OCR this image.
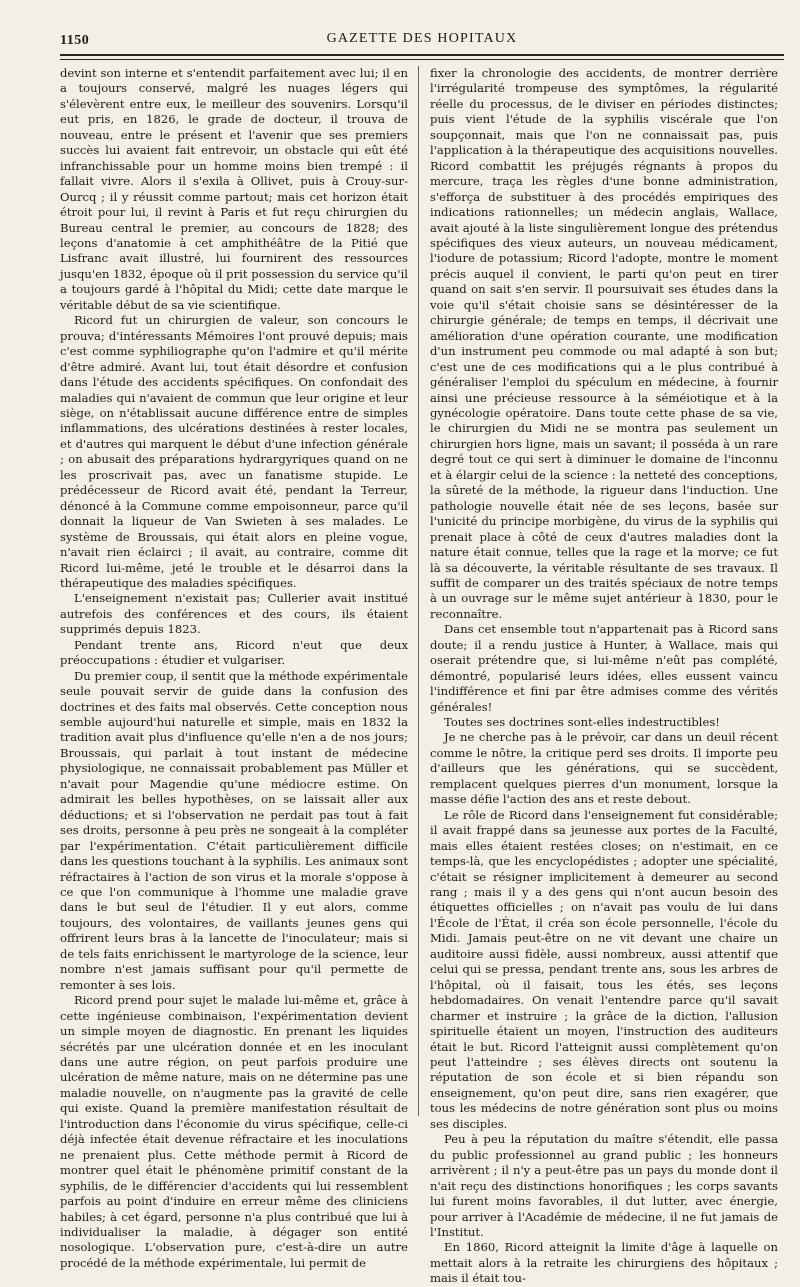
1150	GAZETTE DES HOPITAUX

devint son interne et s'entendit parfaitement avec lui; il en a toujours conservé, malgré les nuages légers qui s'élevèrent entre eux, le meilleur des souvenirs. Lorsqu'il eut pris, en 1826, le grade de docteur, il trouva de nouveau, entre le présent et l'avenir que ses premiers succès lui avaient fait entrevoir, un obstacle qui eût été infranchissable pour un homme moins bien trempé : il fallait vivre. Alors il s'exila à Ollivet, puis à Crouy-sur-Ourcq ; il y réussit comme partout; mais cet horizon était étroit pour lui, il revint à Paris et fut reçu chirurgien du Bureau central le premier, au concours de 1828; des leçons d'anatomie à cet amphithéâtre de la Pitié que Lisfranc avait illustré, lui fournirent des ressources jusqu'en 1832, époque où il prit possession du service qu'il a toujours gardé à l'hôpital du Midi; cette date marque le véritable début de sa vie scientifique.

Ricord fut un chirurgien de valeur, son concours le prouva; d'intéressants Mémoires l'ont prouvé depuis; mais c'est comme syphiliographe qu'on l'admire et qu'il mérite d'être admiré. Avant lui, tout était désordre et confusion dans l'étude des accidents spécifiques. On confondait des maladies qui n'avaient de commun que leur origine et leur siège, on n'établissait aucune différence entre de simples inflammations, des ulcérations destinées à rester locales, et d'autres qui marquent le début d'une infection générale ; on abusait des préparations hydrargyriques quand on ne les proscrivait pas, avec un fanatisme stupide. Le prédécesseur de Ricord avait été, pendant la Terreur, dénoncé à la Commune comme empoisonneur, parce qu'il donnait la liqueur de Van Swieten à ses malades. Le système de Broussais, qui était alors en pleine vogue, n'avait rien éclairci ; il avait, au contraire, comme dit Ricord lui-même, jeté le trouble et le désarroi dans la thérapeutique des maladies spécifiques.

L'enseignement n'existait pas; Cullerier avait institué autrefois des conférences et des cours, ils étaient supprimés depuis 1823.

Pendant trente ans, Ricord n'eut que deux préoccupations : étudier et vulgariser.

Du premier coup, il sentit que la méthode expérimentale seule pouvait servir de guide dans la confusion des doctrines et des faits mal observés. Cette conception nous semble aujourd'hui naturelle et simple, mais en 1832 la tradition avait plus d'influence qu'elle n'en a de nos jours; Broussais, qui parlait à tout instant de médecine physiologique, ne connaissait probablement pas Müller et n'avait pour Magendie qu'une médiocre estime. On admirait les belles hypothèses, on se laissait aller aux déductions; et si l'observation ne perdait pas tout à fait ses droits, personne à peu près ne songeait à la compléter par l'expérimentation. C'était particulièrement difficile dans les questions touchant à la syphilis. Les animaux sont réfractaires à l'action de son virus et la morale s'oppose à ce que l'on communique à l'homme une maladie grave dans le but seul de l'étudier. Il y eut alors, comme toujours, des volontaires, de vaillants jeunes gens qui offrirent leurs bras à la lancette de l'inoculateur; mais si de tels faits enrichissent le martyrologe de la science, leur nombre n'est jamais suffisant pour qu'il permette de remonter à ses lois.

Ricord prend pour sujet le malade lui-même et, grâce à cette ingénieuse combinaison, l'expérimentation devient un simple moyen de diagnostic. En prenant les liquides sécrétés par une ulcération donnée et en les inoculant dans une autre région, on peut parfois produire une ulcération de même nature, mais on ne détermine pas une maladie nouvelle, on n'augmente pas la gravité de celle qui existe. Quand la première manifestation résultait de l'introduction dans l'économie du virus spécifique, celle-ci déjà infectée était devenue réfractaire et les inoculations ne prenaient plus. Cette méthode permit à Ricord de montrer quel était le phénomène primitif constant de la syphilis, de le différencier d'accidents qui lui ressemblent parfois au point d'induire en erreur même des cliniciens habiles; à cet égard, personne n'a plus contribué que lui à individualiser la maladie, à dégager son entité nosologique. L'observation pure, c'est-à-dire un autre procédé de la méthode expérimentale, lui permit de

fixer la chronologie des accidents, de montrer derrière l'irrégularité trompeuse des symptômes, la régularité réelle du processus, de le diviser en périodes distinctes; puis vient l'étude de la syphilis viscérale que l'on soupçonnait, mais que l'on ne connaissait pas, puis l'application à la thérapeutique des acquisitions nouvelles. Ricord combattit les préjugés régnants à propos du mercure, traça les règles d'une bonne administration, s'efforça de substituer à des procédés empiriques des indications rationnelles; un médecin anglais, Wallace, avait ajouté à la liste singulièrement longue des prétendus spécifiques des vieux auteurs, un nouveau médicament, l'iodure de potassium; Ricord l'adopte, montre le moment précis auquel il convient, le parti qu'on peut en tirer quand on sait s'en servir. Il poursuivait ses études dans la voie qu'il s'était choisie sans se désintéresser de la chirurgie générale; de temps en temps, il décrivait une amélioration d'une opération courante, une modification d'un instrument peu commode ou mal adapté à son but; c'est une de ces modifications qui a le plus contribué à généraliser l'emploi du spéculum en médecine, à fournir ainsi une précieuse ressource à la séméiotique et à la gynécologie opératoire. Dans toute cette phase de sa vie, le chirurgien du Midi ne se montra pas seulement un chirurgien hors ligne, mais un savant; il posséda à un rare degré tout ce qui sert à diminuer le domaine de l'inconnu et à élargir celui de la science : la netteté des conceptions, la sûreté de la méthode, la rigueur dans l'induction. Une pathologie nouvelle était née de ses leçons, basée sur l'unicité du principe morbigène, du virus de la syphilis qui prenait place à côté de ceux d'autres maladies dont la nature était connue, telles que la rage et la morve; ce fut là sa découverte, la véritable résultante de ses travaux. Il suffit de comparer un des traités spéciaux de notre temps à un ouvrage sur le même sujet antérieur à 1830, pour le reconnaître.

Dans cet ensemble tout n'appartenait pas à Ricord sans doute; il a rendu justice à Hunter, à Wallace, mais qui oserait prétendre que, si lui-même n'eût pas complété, démontré, popularisé leurs idées, elles eussent vaincu l'indifférence et fini par être admises comme des vérités générales!

Toutes ses doctrines sont-elles indestructibles!

Je ne cherche pas à le prévoir, car dans un deuil récent comme le nôtre, la critique perd ses droits. Il importe peu d'ailleurs que les générations, qui se succèdent, remplacent quelques pierres d'un monument, lorsque la masse défie l'action des ans et reste debout.

Le rôle de Ricord dans l'enseignement fut considérable; il avait frappé dans sa jeunesse aux portes de la Faculté, mais elles étaient restées closes; on n'estimait, en ce temps-là, que les encyclopédistes ; adopter une spécialité, c'était se résigner implicitement à demeurer au second rang ; mais il y a des gens qui n'ont aucun besoin des étiquettes officielles ; on n'avait pas voulu de lui dans l'École de l'État, il créa son école personnelle, l'école du Midi. Jamais peut-être on ne vit devant une chaire un auditoire aussi fidèle, aussi nombreux, aussi attentif que celui qui se pressa, pendant trente ans, sous les arbres de l'hôpital, où il faisait, tous les étés, ses leçons hebdomadaires. On venait l'entendre parce qu'il savait charmer et instruire ; la grâce de la diction, l'allusion spirituelle étaient un moyen, l'instruction des auditeurs était le but. Ricord l'atteignit aussi complètement qu'on peut l'atteindre ; ses élèves directs ont soutenu la réputation de son école et si bien répandu son enseignement, qu'on peut dire, sans rien exagérer, que tous les médecins de notre génération sont plus ou moins ses disciples.

Peu à peu la réputation du maître s'étendit, elle passa du public professionnel au grand public ; les honneurs arrivèrent ; il n'y a peut-être pas un pays du monde dont il n'ait reçu des distinctions honorifiques ; les corps savants lui furent moins favorables, il dut lutter, avec énergie, pour arriver à l'Académie de médecine, il ne fut jamais de l'Institut.

En 1860, Ricord atteignit la limite d'âge à laquelle on mettait alors à la retraite les chirurgiens des hôpitaux ; mais il était tou-
